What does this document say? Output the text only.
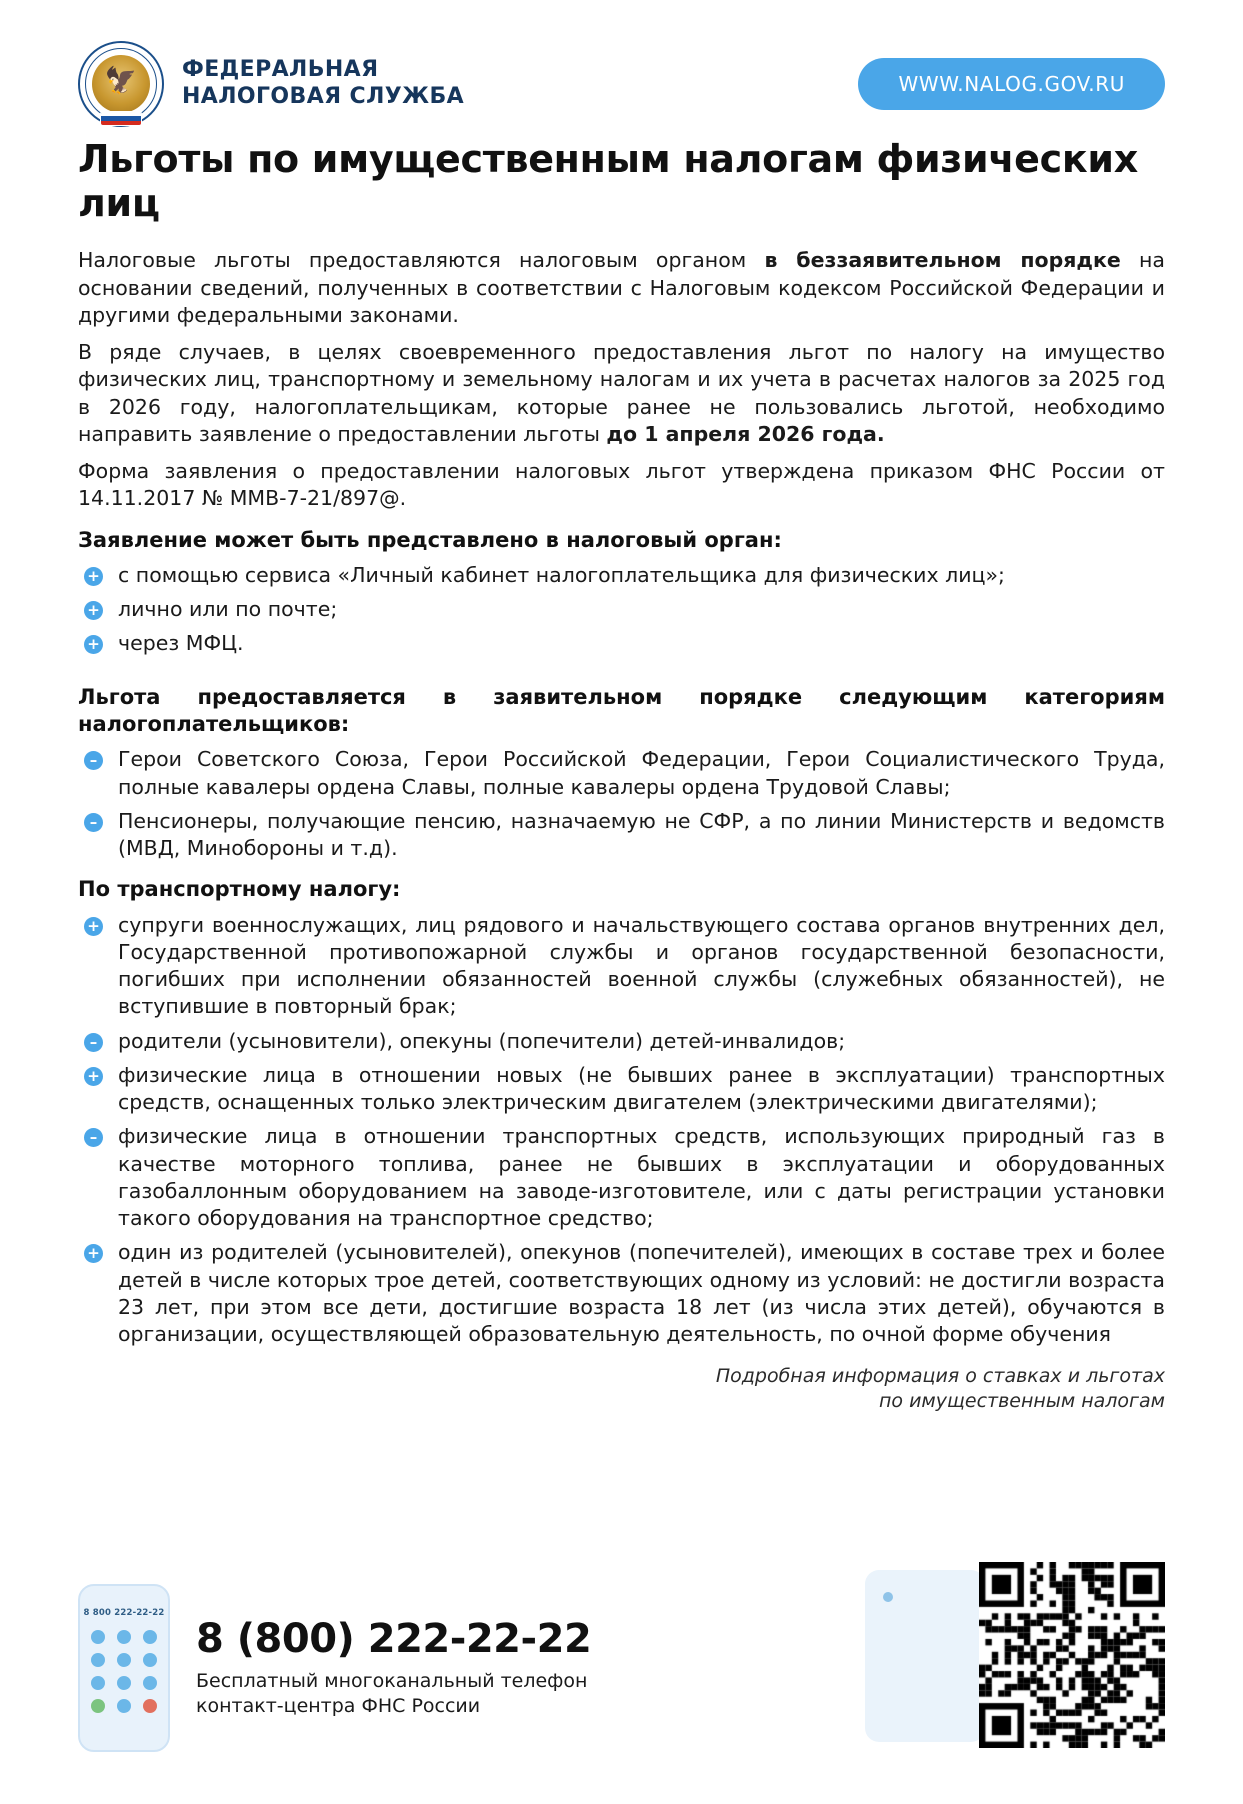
🦅 ФЕДЕРАЛЬНАЯ
НАЛОГОВАЯ СЛУЖБА	WWW.NALOG.GOV.RU
Льготы по имущественным налогам физических лиц

Налоговые льготы предоставляются налоговым органом в беззаявительном порядке на основании сведений, полученных в соответствии с Налоговым кодексом Российской Федерации и другими федеральными законами.

В ряде случаев, в целях своевременного предоставления льгот по налогу на имущество физических лиц, транспортному и земельному налогам и их учета в расчетах налогов за 2025 год в 2026 году, налогоплательщикам, которые ранее не пользовались льготой, необходимо направить заявление о предоставлении льготы до 1 апреля 2026 года.

Форма заявления о предоставлении налоговых льгот утверждена приказом ФНС России от 14.11.2017 № ММВ-7-21/897@.

Заявление может быть представлено в налоговый орган:
+ с помощью сервиса «Личный кабинет налогоплательщика для физических лиц»;
+ лично или по почте;
+ через МФЦ.
Льгота предоставляется в заявительном порядке следующим категориям налогоплательщиков:
– Герои Советского Союза, Герои Российской Федерации, Герои Социалистического Труда, полные кавалеры ордена Славы, полные кавалеры ордена Трудовой Славы;
– Пенсионеры, получающие пенсию, назначаемую не СФР, а по линии Министерств и ведомств (МВД, Минобороны и т.д).
По транспортному налогу:
+ супруги военнослужащих, лиц рядового и начальствующего состава органов внутренних дел, Государственной противопожарной службы и органов государственной безопасности, погибших при исполнении обязанностей военной службы (служебных обязанностей), не вступившие в повторный брак;
– родители (усыновители), опекуны (попечители) детей-инвалидов;
+ физические лица в отношении новых (не бывших ранее в эксплуатации) транспортных средств, оснащенных только электрическим двигателем (электрическими двигателями);
– физические лица в отношении транспортных средств, использующих природный газ в качестве моторного топлива, ранее не бывших в эксплуатации и оборудованных газобаллонным оборудованием на заводе-изготовителе, или с даты регистрации установки такого оборудования на транспортное средство;
+ один из родителей (усыновителей), опекунов (попечителей), имеющих в составе трех и более детей в числе которых трое детей, соответствующих одному из условий: не достигли возраста 23 лет, при этом все дети, достигшие возраста 18 лет (из числа этих детей), обучаются в организации, осуществляющей образовательную деятельность, по очной форме обучения
Подробная информация о ставках и льготах
по имущественным налогам
8 800 222-22-22
8 (800) 222-22-22
Бесплатный многоканальный телефон
контакт-центра ФНС России
